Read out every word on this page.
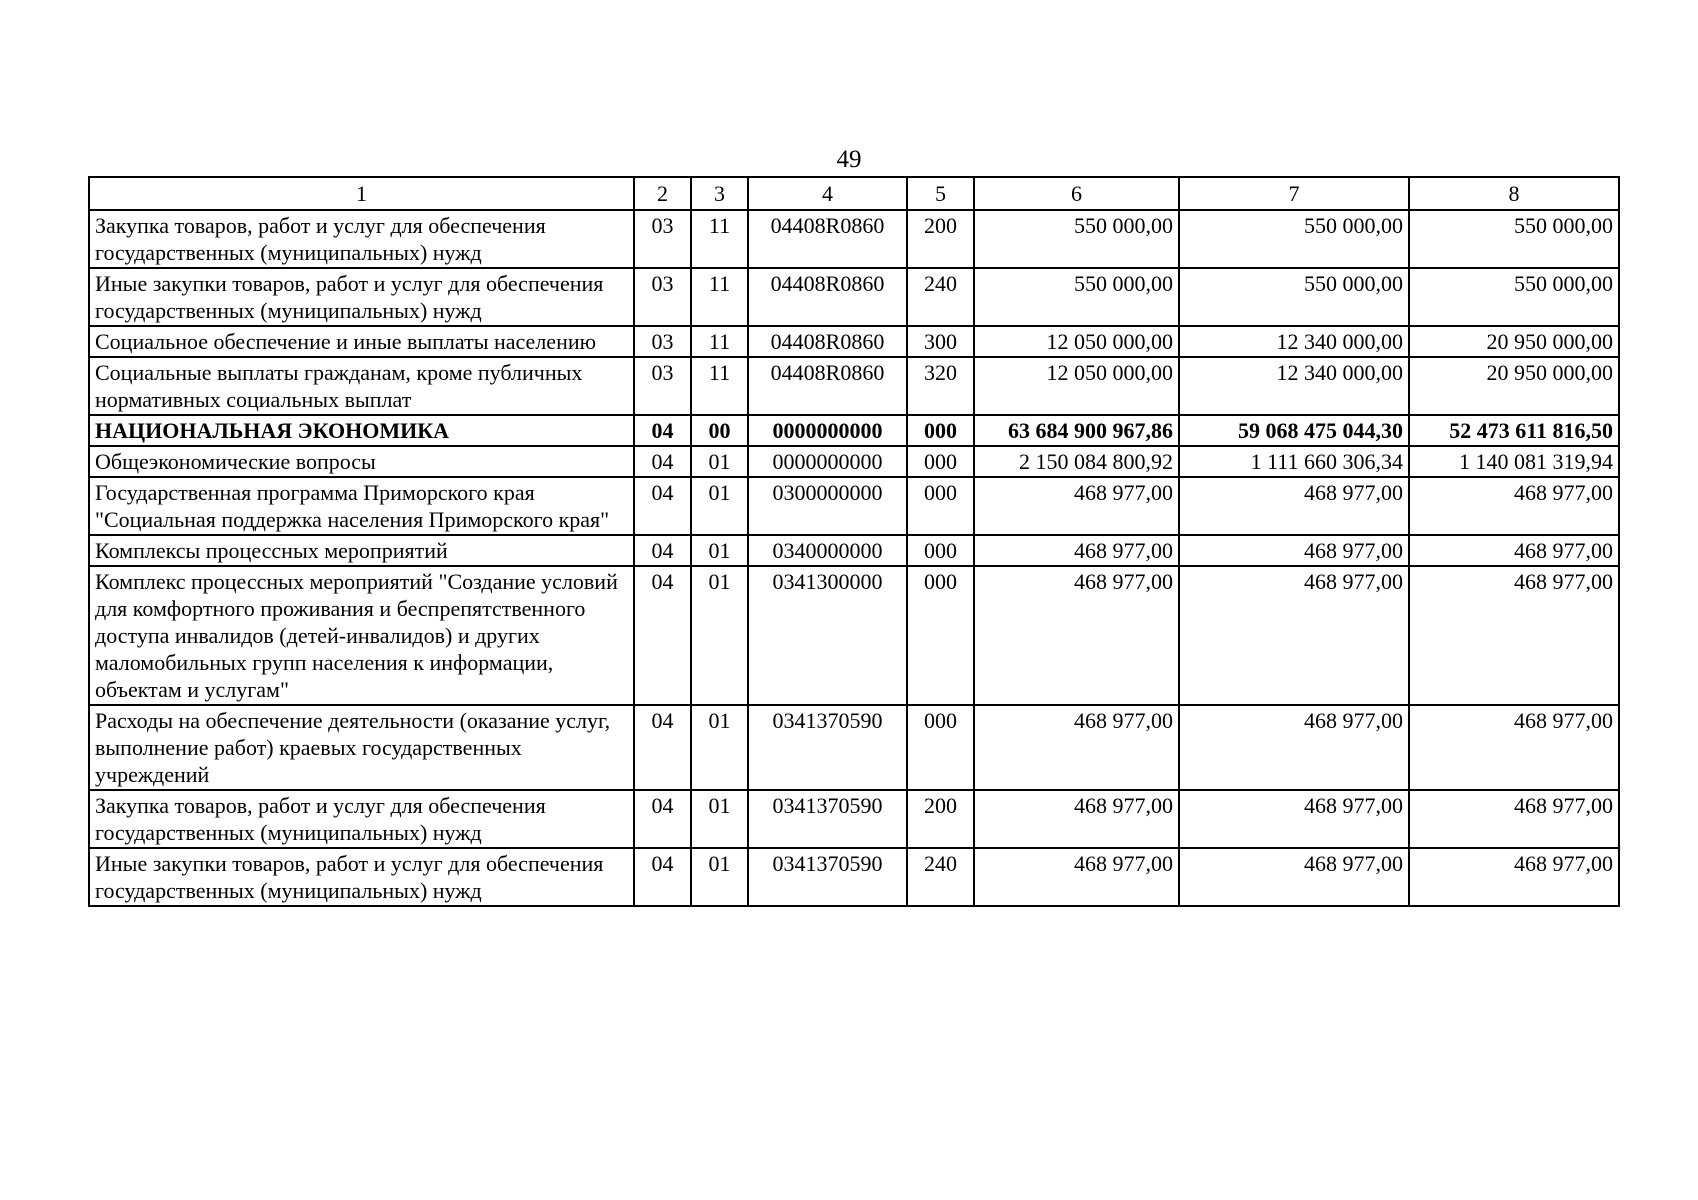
49
1	2	3	4	5	6	7	8
Закупка товаров, работ и услуг для обеспечения государственных (муниципальных) нужд	03	11	04408R0860	200	550 000,00	550 000,00	550 000,00
Иные закупки товаров, работ и услуг для обеспечения государственных (муниципальных) нужд	03	11	04408R0860	240	550 000,00	550 000,00	550 000,00
Социальное обеспечение и иные выплаты населению	03	11	04408R0860	300	12 050 000,00	12 340 000,00	20 950 000,00
Социальные выплаты гражданам, кроме публичных нормативных социальных выплат	03	11	04408R0860	320	12 050 000,00	12 340 000,00	20 950 000,00
НАЦИОНАЛЬНАЯ ЭКОНОМИКА	04	00	0000000000	000	63 684 900 967,86	59 068 475 044,30	52 473 611 816,50
Общеэкономические вопросы	04	01	0000000000	000	2 150 084 800,92	1 111 660 306,34	1 140 081 319,94
Государственная программа Приморского края "Социальная поддержка населения Приморского края"	04	01	0300000000	000	468 977,00	468 977,00	468 977,00
Комплексы процессных мероприятий	04	01	0340000000	000	468 977,00	468 977,00	468 977,00
Комплекс процессных мероприятий "Создание условий для комфортного проживания и беспрепятственного доступа инвалидов (детей-инвалидов) и других маломобильных групп населения к информации, объектам и услугам"	04	01	0341300000	000	468 977,00	468 977,00	468 977,00
Расходы на обеспечение деятельности (оказание услуг, выполнение работ) краевых государственных учреждений	04	01	0341370590	000	468 977,00	468 977,00	468 977,00
Закупка товаров, работ и услуг для обеспечения государственных (муниципальных) нужд	04	01	0341370590	200	468 977,00	468 977,00	468 977,00
Иные закупки товаров, работ и услуг для обеспечения государственных (муниципальных) нужд	04	01	0341370590	240	468 977,00	468 977,00	468 977,00
